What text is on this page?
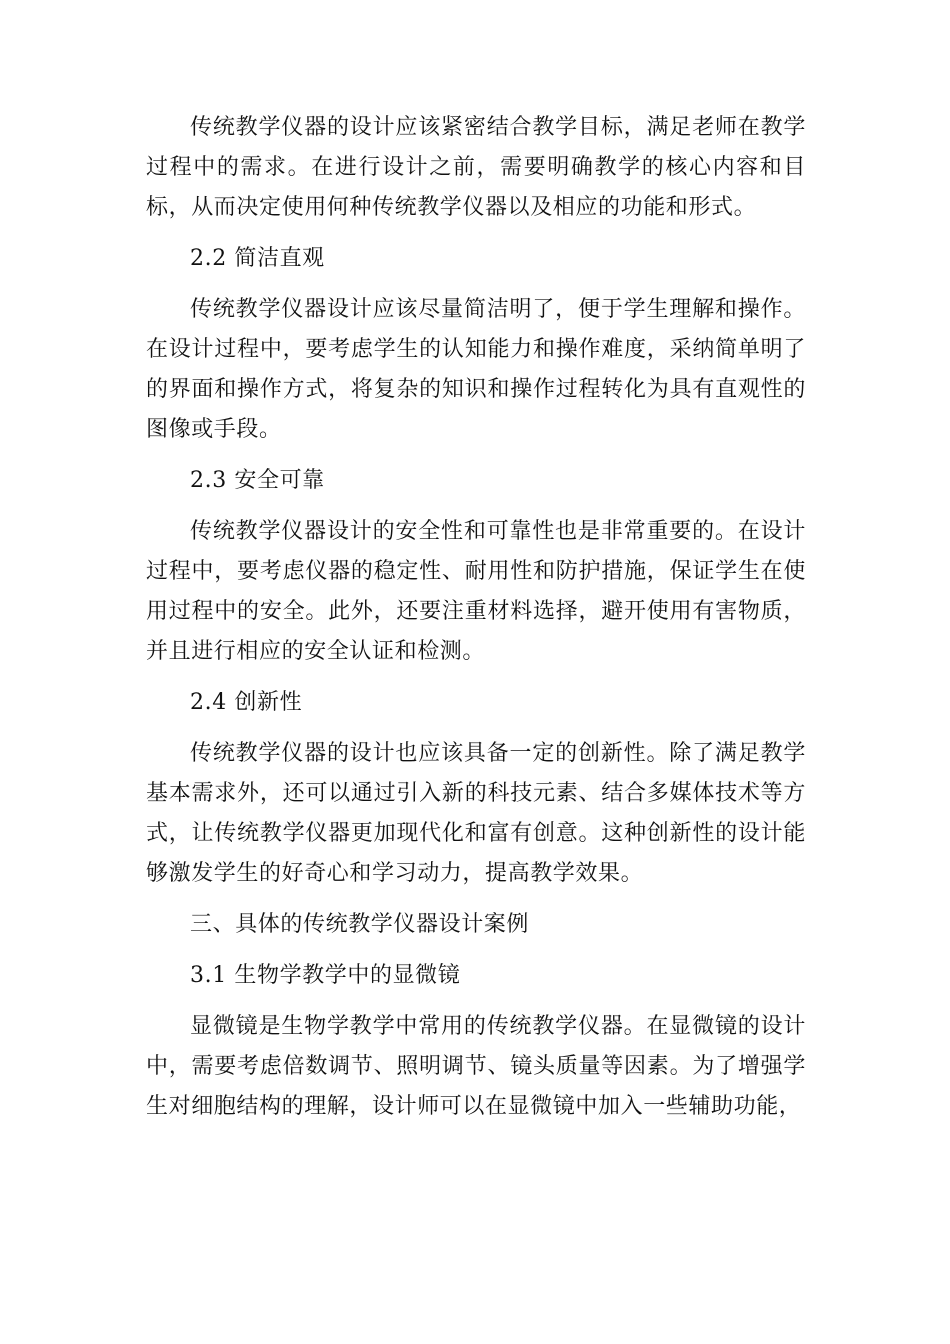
传统教学仪器的设计应该紧密结合教学目标，满足老师在教学过程中的需求。在进行设计之前，需要明确教学的核心内容和目标，从而决定使用何种传统教学仪器以及相应的功能和形式。

2.2 简洁直观

传统教学仪器设计应该尽量简洁明了，便于学生理解和操作。在设计过程中，要考虑学生的认知能力和操作难度，采纳简单明了的界面和操作方式，将复杂的知识和操作过程转化为具有直观性的图像或手段。

2.3 安全可靠

传统教学仪器设计的安全性和可靠性也是非常重要的。在设计过程中，要考虑仪器的稳定性、耐用性和防护措施，保证学生在使用过程中的安全。此外，还要注重材料选择，避开使用有害物质，并且进行相应的安全认证和检测。

2.4 创新性

传统教学仪器的设计也应该具备一定的创新性。除了满足教学基本需求外，还可以通过引入新的科技元素、结合多媒体技术等方式，让传统教学仪器更加现代化和富有创意。这种创新性的设计能够激发学生的好奇心和学习动力，提高教学效果。

三、具体的传统教学仪器设计案例

3.1 生物学教学中的显微镜

显微镜是生物学教学中常用的传统教学仪器。在显微镜的设计中，需要考虑倍数调节、照明调节、镜头质量等因素。为了增强学生对细胞结构的理解，设计师可以在显微镜中加入一些辅助功能，
